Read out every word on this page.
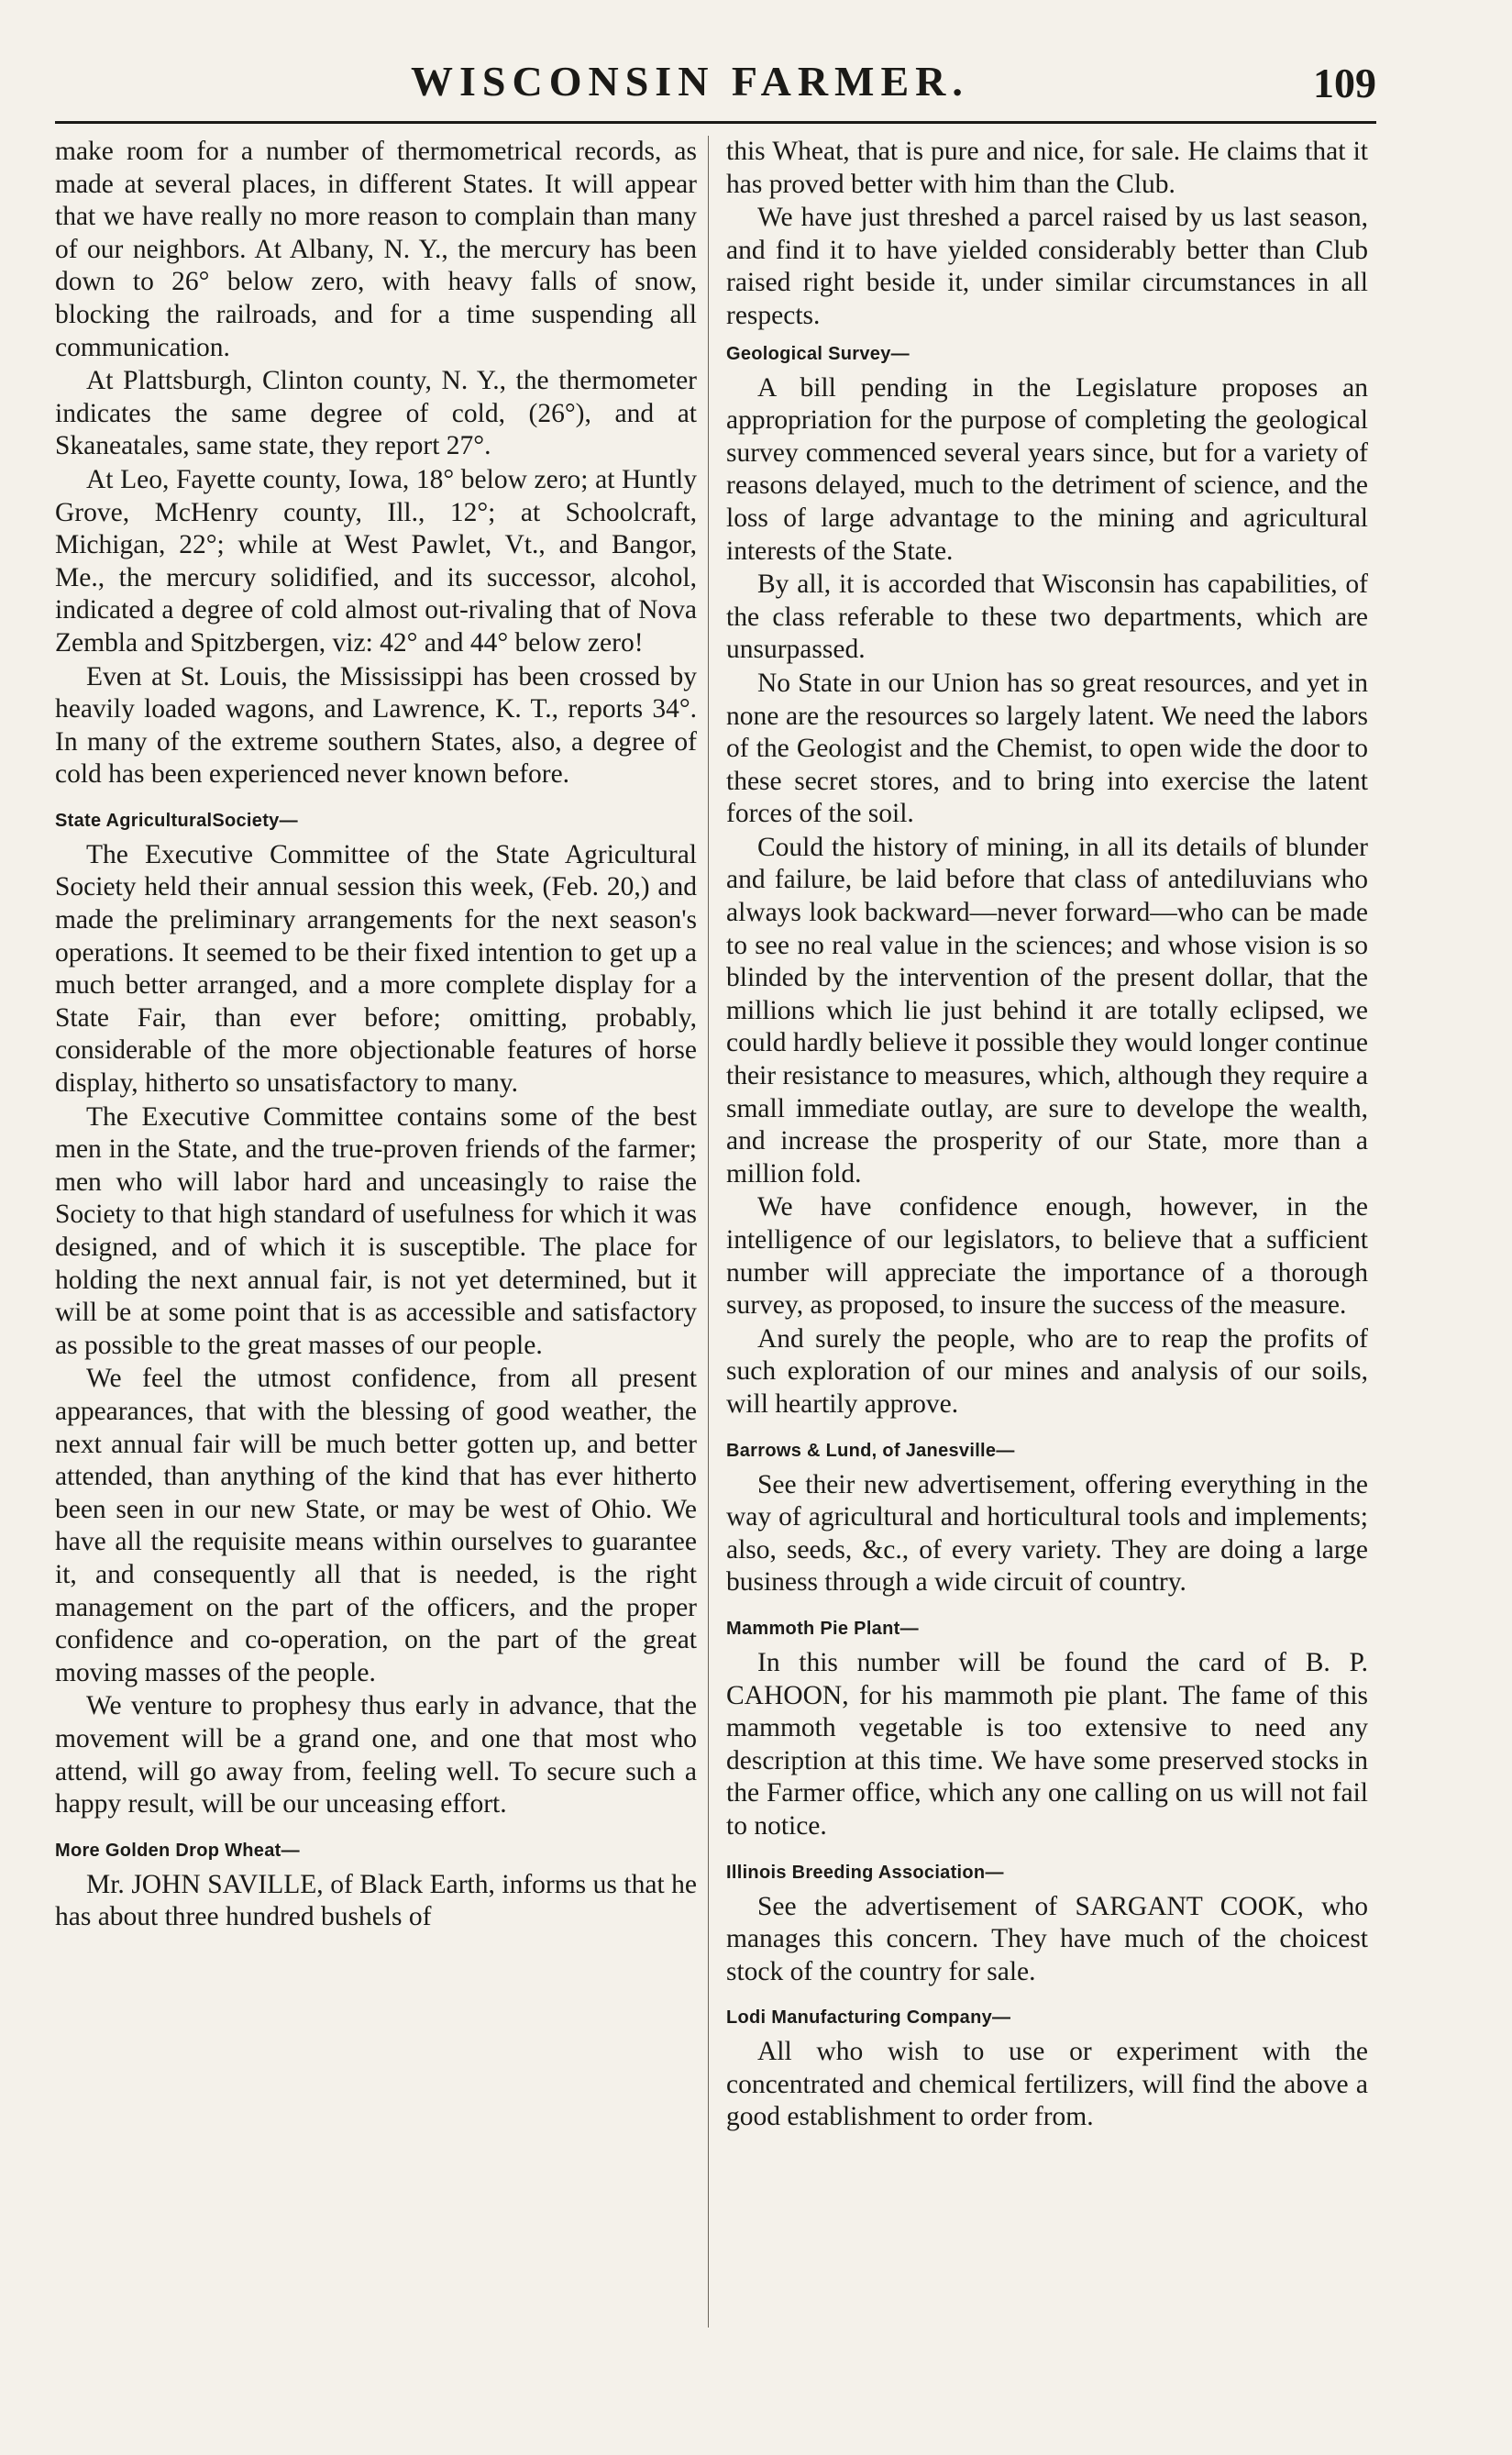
WISCONSIN FARMER.	109

make room for a number of thermometrical records, as made at several places, in different States. It will appear that we have really no more reason to complain than many of our neighbors. At Albany, N. Y., the mercury has been down to 26° below zero, with heavy falls of snow, blocking the railroads, and for a time suspending all communication.

At Plattsburgh, Clinton county, N. Y., the thermometer indicates the same degree of cold, (26°), and at Skaneatales, same state, they report 27°.

At Leo, Fayette county, Iowa, 18° below zero; at Huntly Grove, McHenry county, Ill., 12°; at Schoolcraft, Michigan, 22°; while at West Pawlet, Vt., and Bangor, Me., the mercury solidified, and its successor, alcohol, indicated a degree of cold almost out-rivaling that of Nova Zembla and Spitzbergen, viz: 42° and 44° below zero!

Even at St. Louis, the Mississippi has been crossed by heavily loaded wagons, and Lawrence, K. T., reports 34°. In many of the extreme southern States, also, a degree of cold has been experienced never known before.

State AgriculturalSociety—

The Executive Committee of the State Agricultural Society held their annual session this week, (Feb. 20,) and made the preliminary arrangements for the next season's operations. It seemed to be their fixed intention to get up a much better arranged, and a more complete display for a State Fair, than ever before; omitting, probably, considerable of the more objectionable features of horse display, hitherto so unsatisfactory to many.

The Executive Committee contains some of the best men in the State, and the true-proven friends of the farmer; men who will labor hard and unceasingly to raise the Society to that high standard of usefulness for which it was designed, and of which it is susceptible. The place for holding the next annual fair, is not yet determined, but it will be at some point that is as accessible and satisfactory as possible to the great masses of our people.

We feel the utmost confidence, from all present appearances, that with the blessing of good weather, the next annual fair will be much better gotten up, and better attended, than anything of the kind that has ever hitherto been seen in our new State, or may be west of Ohio. We have all the requisite means within ourselves to guarantee it, and consequently all that is needed, is the right management on the part of the officers, and the proper confidence and co-operation, on the part of the great moving masses of the people.

We venture to prophesy thus early in advance, that the movement will be a grand one, and one that most who attend, will go away from, feeling well. To secure such a happy result, will be our unceasing effort.

More Golden Drop Wheat—

Mr. JOHN SAVILLE, of Black Earth, informs us that he has about three hundred bushels of

this Wheat, that is pure and nice, for sale. He claims that it has proved better with him than the Club.

We have just threshed a parcel raised by us last season, and find it to have yielded considerably better than Club raised right beside it, under similar circumstances in all respects.

Geological Survey—

A bill pending in the Legislature proposes an appropriation for the purpose of completing the geological survey commenced several years since, but for a variety of reasons delayed, much to the detriment of science, and the loss of large advantage to the mining and agricultural interests of the State.

By all, it is accorded that Wisconsin has capabilities, of the class referable to these two departments, which are unsurpassed.

No State in our Union has so great resources, and yet in none are the resources so largely latent. We need the labors of the Geologist and the Chemist, to open wide the door to these secret stores, and to bring into exercise the latent forces of the soil.

Could the history of mining, in all its details of blunder and failure, be laid before that class of antediluvians who always look backward—never forward—who can be made to see no real value in the sciences; and whose vision is so blinded by the intervention of the present dollar, that the millions which lie just behind it are totally eclipsed, we could hardly believe it possible they would longer continue their resistance to measures, which, although they require a small immediate outlay, are sure to develope the wealth, and increase the prosperity of our State, more than a million fold.

We have confidence enough, however, in the intelligence of our legislators, to believe that a sufficient number will appreciate the importance of a thorough survey, as proposed, to insure the success of the measure.

And surely the people, who are to reap the profits of such exploration of our mines and analysis of our soils, will heartily approve.

Barrows & Lund, of Janesville—

See their new advertisement, offering everything in the way of agricultural and horticultural tools and implements; also, seeds, &c., of every variety. They are doing a large business through a wide circuit of country.

Mammoth Pie Plant—

In this number will be found the card of B. P. CAHOON, for his mammoth pie plant. The fame of this mammoth vegetable is too extensive to need any description at this time. We have some preserved stocks in the Farmer office, which any one calling on us will not fail to notice.

Illinois Breeding Association—

See the advertisement of SARGANT COOK, who manages this concern. They have much of the choicest stock of the country for sale.

Lodi Manufacturing Company—

All who wish to use or experiment with the concentrated and chemical fertilizers, will find the above a good establishment to order from.
